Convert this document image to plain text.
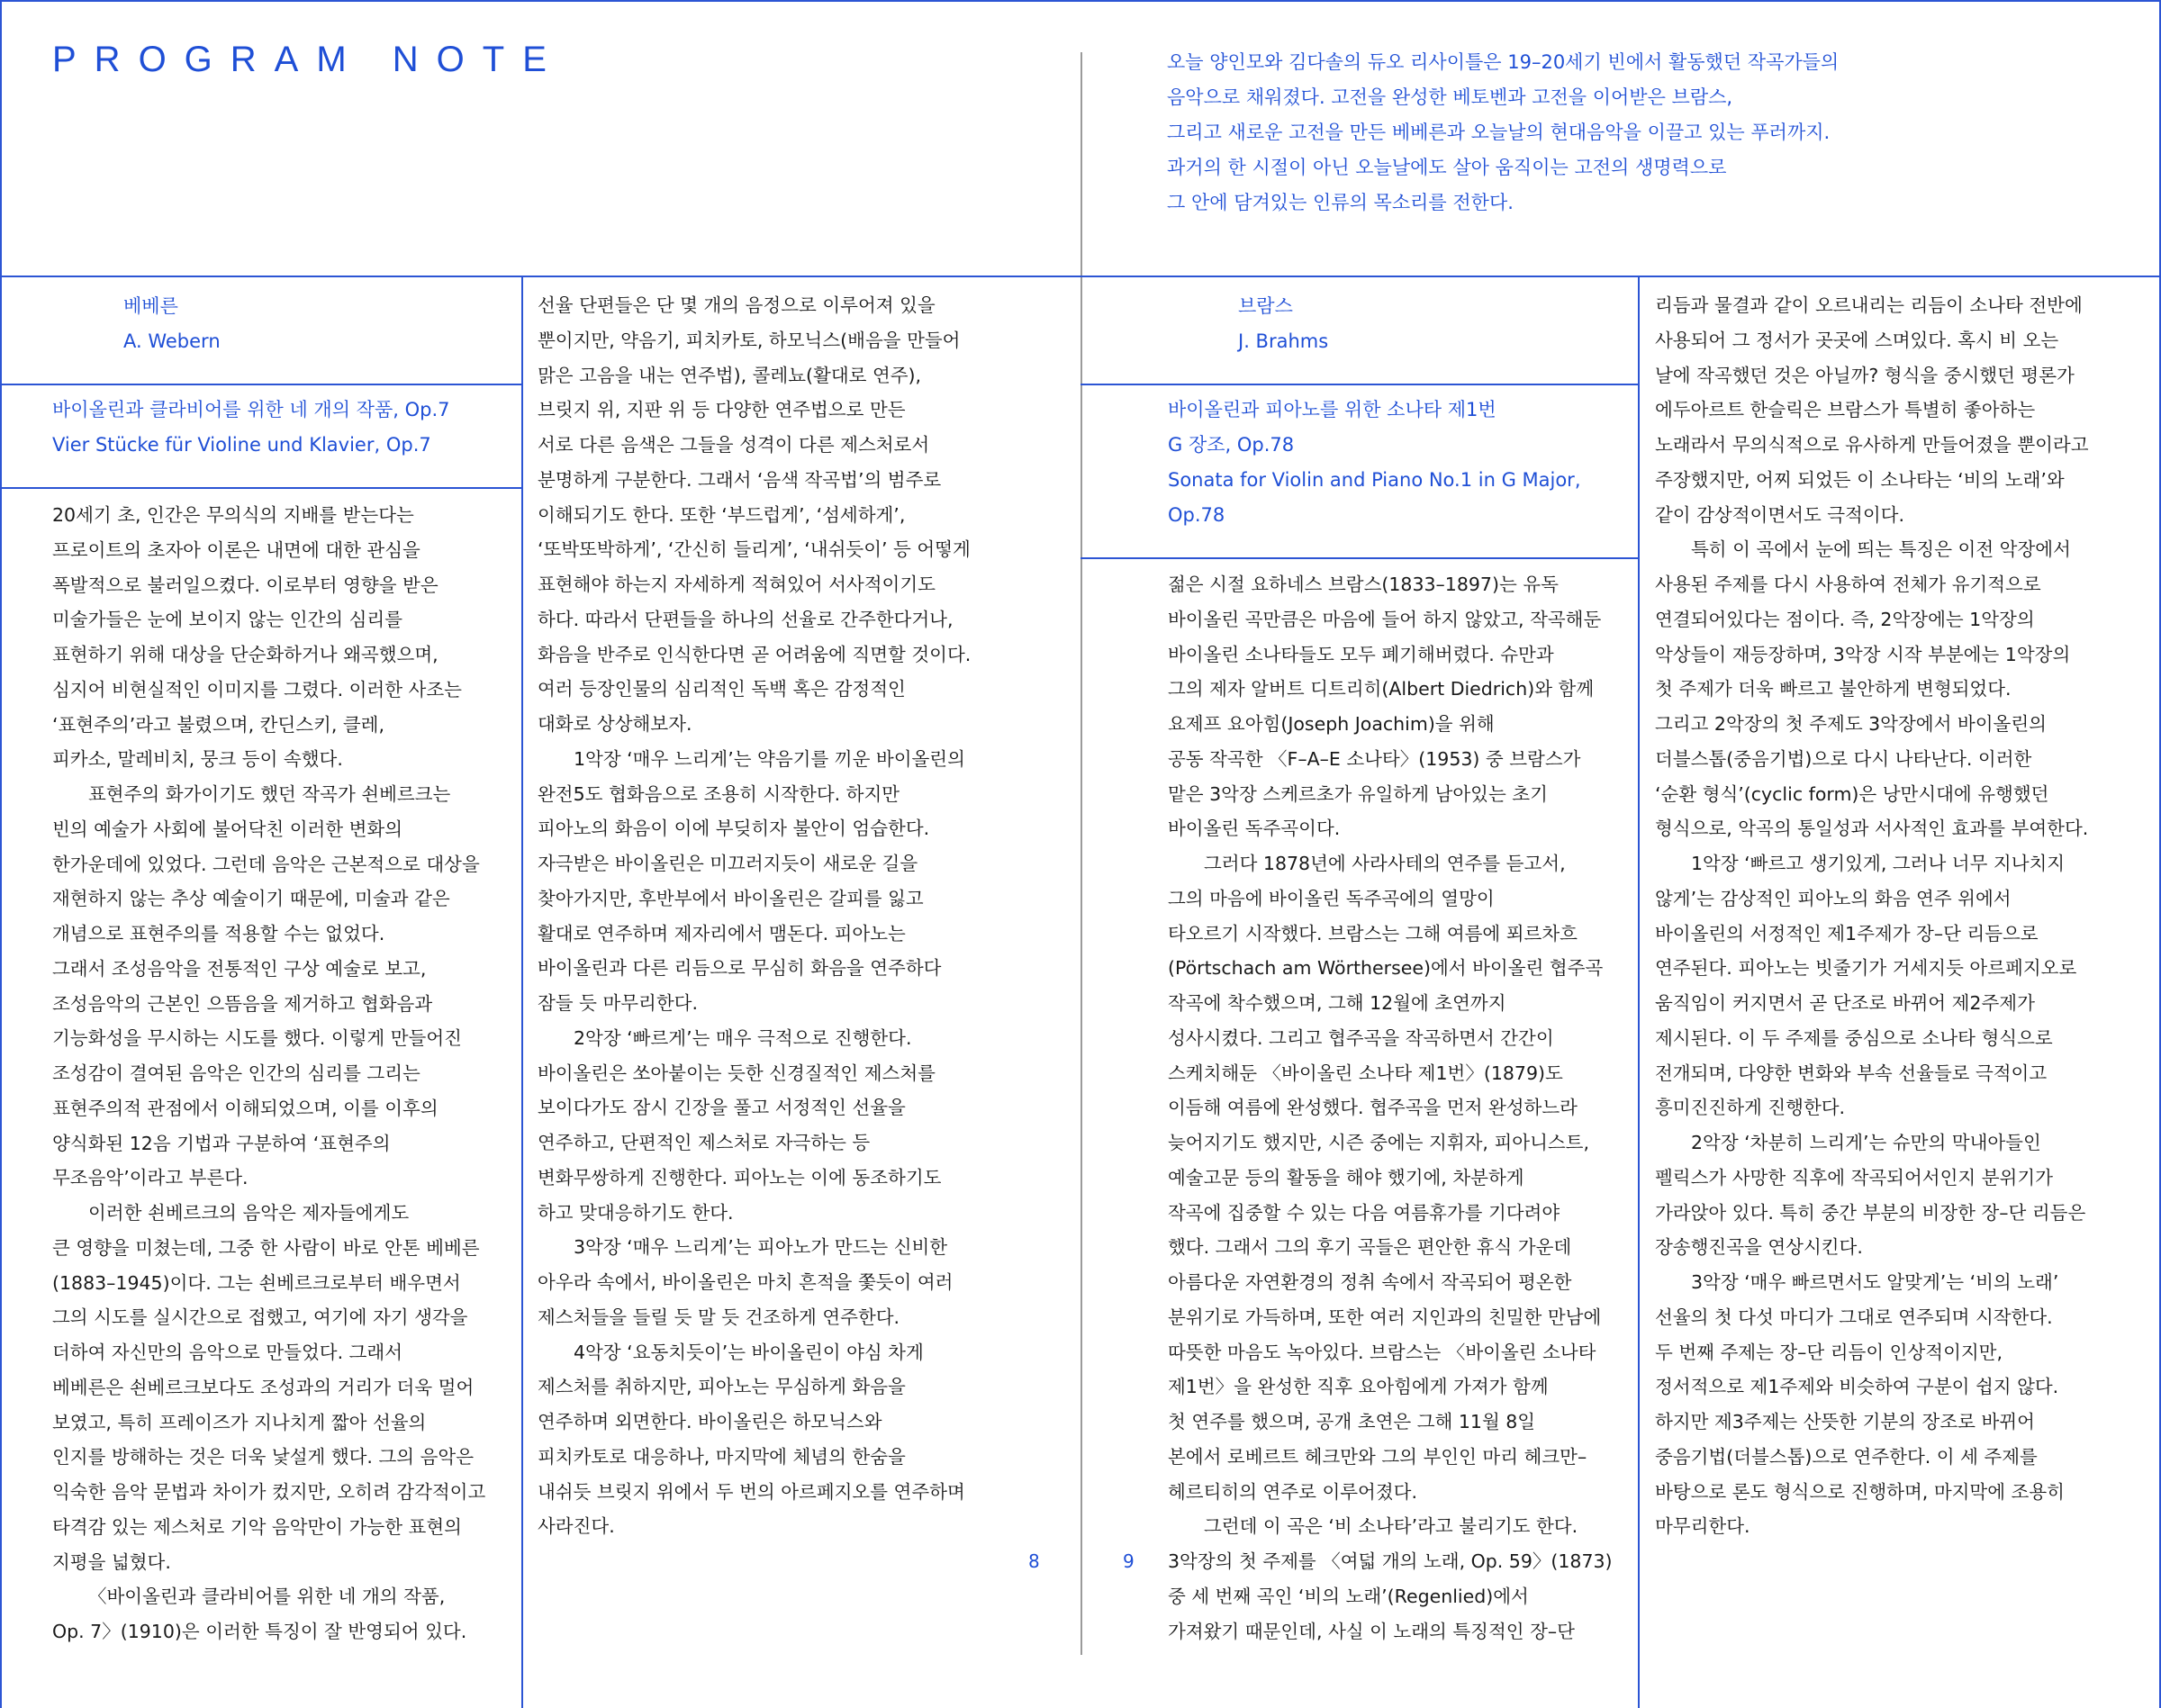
PROGRAM NOTE	오늘 양인모와 김다솔의 듀오 리사이틀은 19–20세기 빈에서 활동했던 작곡가들의
음악으로 채워졌다. 고전을 완성한 베토벤과 고전을 이어받은 브람스,
그리고 새로운 고전을 만든 베베른과 오늘날의 현대음악을 이끌고 있는 푸러까지.
과거의 한 시절이 아닌 오늘날에도 살아 움직이는 고전의 생명력으로
그 안에 담겨있는 인류의 목소리를 전한다.
베베른
A. Webern
바이올린과 클라비어를 위한 네 개의 작품, Op.7
Vier Stücke für Violine und Klavier, Op.7
브람스
J. Brahms
바이올린과 피아노를 위한 소나타 제1번
G 장조, Op.78
Sonata for Violin and Piano No.1 in G Major,
Op.78
20세기 초, 인간은 무의식의 지배를 받는다는
프로이트의 초자아 이론은 내면에 대한 관심을
폭발적으로 불러일으켰다. 이로부터 영향을 받은
미술가들은 눈에 보이지 않는 인간의 심리를
표현하기 위해 대상을 단순화하거나 왜곡했으며,
심지어 비현실적인 이미지를 그렸다. 이러한 사조는
‘표현주의’라고 불렸으며, 칸딘스키, 클레,
피카소, 말레비치, 뭉크 등이 속했다.
표현주의 화가이기도 했던 작곡가 쇤베르크는
빈의 예술가 사회에 불어닥친 이러한 변화의
한가운데에 있었다. 그런데 음악은 근본적으로 대상을
재현하지 않는 추상 예술이기 때문에, 미술과 같은
개념으로 표현주의를 적용할 수는 없었다.
그래서 조성음악을 전통적인 구상 예술로 보고,
조성음악의 근본인 으뜸음을 제거하고 협화음과
기능화성을 무시하는 시도를 했다. 이렇게 만들어진
조성감이 결여된 음악은 인간의 심리를 그리는
표현주의적 관점에서 이해되었으며, 이를 이후의
양식화된 12음 기법과 구분하여 ‘표현주의
무조음악’이라고 부른다.
이러한 쇤베르크의 음악은 제자들에게도
큰 영향을 미쳤는데, 그중 한 사람이 바로 안톤 베베른
(1883–1945)이다. 그는 쇤베르크로부터 배우면서
그의 시도를 실시간으로 접했고, 여기에 자기 생각을
더하여 자신만의 음악으로 만들었다. 그래서
베베른은 쇤베르크보다도 조성과의 거리가 더욱 멀어
보였고, 특히 프레이즈가 지나치게 짧아 선율의
인지를 방해하는 것은 더욱 낯설게 했다. 그의 음악은
익숙한 음악 문법과 차이가 컸지만, 오히려 감각적이고
타격감 있는 제스처로 기악 음악만이 가능한 표현의
지평을 넓혔다.
〈바이올린과 클라비어를 위한 네 개의 작품,
Op. 7〉(1910)은 이러한 특징이 잘 반영되어 있다.
선율 단편들은 단 몇 개의 음정으로 이루어져 있을
뿐이지만, 약음기, 피치카토, 하모닉스(배음을 만들어
맑은 고음을 내는 연주법), 콜레뇨(활대로 연주),
브릿지 위, 지판 위 등 다양한 연주법으로 만든
서로 다른 음색은 그들을 성격이 다른 제스처로서
분명하게 구분한다. 그래서 ‘음색 작곡법’의 범주로
이해되기도 한다. 또한 ‘부드럽게’, ‘섬세하게’,
‘또박또박하게’, ‘간신히 들리게’, ‘내쉬듯이’ 등 어떻게
표현해야 하는지 자세하게 적혀있어 서사적이기도
하다. 따라서 단편들을 하나의 선율로 간주한다거나,
화음을 반주로 인식한다면 곧 어려움에 직면할 것이다.
여러 등장인물의 심리적인 독백 혹은 감정적인
대화로 상상해보자.
1악장 ‘매우 느리게’는 약음기를 끼운 바이올린의
완전5도 협화음으로 조용히 시작한다. 하지만
피아노의 화음이 이에 부딪히자 불안이 엄습한다.
자극받은 바이올린은 미끄러지듯이 새로운 길을
찾아가지만, 후반부에서 바이올린은 갈피를 잃고
활대로 연주하며 제자리에서 맴돈다. 피아노는
바이올린과 다른 리듬으로 무심히 화음을 연주하다
잠들 듯 마무리한다.
2악장 ‘빠르게’는 매우 극적으로 진행한다.
바이올린은 쏘아붙이는 듯한 신경질적인 제스처를
보이다가도 잠시 긴장을 풀고 서정적인 선율을
연주하고, 단편적인 제스처로 자극하는 등
변화무쌍하게 진행한다. 피아노는 이에 동조하기도
하고 맞대응하기도 한다.
3악장 ‘매우 느리게’는 피아노가 만드는 신비한
아우라 속에서, 바이올린은 마치 흔적을 쫓듯이 여러
제스처들을 들릴 듯 말 듯 건조하게 연주한다.
4악장 ‘요동치듯이’는 바이올린이 야심 차게
제스처를 취하지만, 피아노는 무심하게 화음을
연주하며 외면한다. 바이올린은 하모닉스와
피치카토로 대응하나, 마지막에 체념의 한숨을
내쉬듯 브릿지 위에서 두 번의 아르페지오를 연주하며
사라진다.
젊은 시절 요하네스 브람스(1833–1897)는 유독
바이올린 곡만큼은 마음에 들어 하지 않았고, 작곡해둔
바이올린 소나타들도 모두 폐기해버렸다. 슈만과
그의 제자 알버트 디트리히(Albert Diedrich)와 함께
요제프 요아힘(Joseph Joachim)을 위해
공동 작곡한 〈F–A–E 소나타〉(1953) 중 브람스가
맡은 3악장 스케르초가 유일하게 남아있는 초기
바이올린 독주곡이다.
그러다 1878년에 사라사테의 연주를 듣고서,
그의 마음에 바이올린 독주곡에의 열망이
타오르기 시작했다. 브람스는 그해 여름에 푀르차흐
(Pörtschach am Wörthersee)에서 바이올린 협주곡
작곡에 착수했으며, 그해 12월에 초연까지
성사시켰다. 그리고 협주곡을 작곡하면서 간간이
스케치해둔 〈바이올린 소나타 제1번〉(1879)도
이듬해 여름에 완성했다. 협주곡을 먼저 완성하느라
늦어지기도 했지만, 시즌 중에는 지휘자, 피아니스트,
예술고문 등의 활동을 해야 했기에, 차분하게
작곡에 집중할 수 있는 다음 여름휴가를 기다려야
했다. 그래서 그의 후기 곡들은 편안한 휴식 가운데
아름다운 자연환경의 정취 속에서 작곡되어 평온한
분위기로 가득하며, 또한 여러 지인과의 친밀한 만남에
따뜻한 마음도 녹아있다. 브람스는 〈바이올린 소나타
제1번〉을 완성한 직후 요아힘에게 가져가 함께
첫 연주를 했으며, 공개 초연은 그해 11월 8일
본에서 로베르트 헤크만와 그의 부인인 마리 헤크만–
헤르티히의 연주로 이루어졌다.
그런데 이 곡은 ‘비 소나타’라고 불리기도 한다.
3악장의 첫 주제를 〈여덟 개의 노래, Op. 59〉(1873)
중 세 번째 곡인 ‘비의 노래’(Regenlied)에서
가져왔기 때문인데, 사실 이 노래의 특징적인 장–단
리듬과 물결과 같이 오르내리는 리듬이 소나타 전반에
사용되어 그 정서가 곳곳에 스며있다. 혹시 비 오는
날에 작곡했던 것은 아닐까? 형식을 중시했던 평론가
에두아르트 한슬릭은 브람스가 특별히 좋아하는
노래라서 무의식적으로 유사하게 만들어졌을 뿐이라고
주장했지만, 어찌 되었든 이 소나타는 ‘비의 노래’와
같이 감상적이면서도 극적이다.
특히 이 곡에서 눈에 띄는 특징은 이전 악장에서
사용된 주제를 다시 사용하여 전체가 유기적으로
연결되어있다는 점이다. 즉, 2악장에는 1악장의
악상들이 재등장하며, 3악장 시작 부분에는 1악장의
첫 주제가 더욱 빠르고 불안하게 변형되었다.
그리고 2악장의 첫 주제도 3악장에서 바이올린의
더블스톱(중음기법)으로 다시 나타난다. 이러한
‘순환 형식’(cyclic form)은 낭만시대에 유행했던
형식으로, 악곡의 통일성과 서사적인 효과를 부여한다.
1악장 ‘빠르고 생기있게, 그러나 너무 지나치지
않게’는 감상적인 피아노의 화음 연주 위에서
바이올린의 서정적인 제1주제가 장–단 리듬으로
연주된다. 피아노는 빗줄기가 거세지듯 아르페지오로
움직임이 커지면서 곧 단조로 바뀌어 제2주제가
제시된다. 이 두 주제를 중심으로 소나타 형식으로
전개되며, 다양한 변화와 부속 선율들로 극적이고
흥미진진하게 진행한다.
2악장 ‘차분히 느리게’는 슈만의 막내아들인
펠릭스가 사망한 직후에 작곡되어서인지 분위기가
가라앉아 있다. 특히 중간 부분의 비장한 장–단 리듬은
장송행진곡을 연상시킨다.
3악장 ‘매우 빠르면서도 알맞게’는 ‘비의 노래’
선율의 첫 다섯 마디가 그대로 연주되며 시작한다.
두 번째 주제는 장–단 리듬이 인상적이지만,
정서적으로 제1주제와 비슷하여 구분이 쉽지 않다.
하지만 제3주제는 산뜻한 기분의 장조로 바뀌어
중음기법(더블스톱)으로 연주한다. 이 세 주제를
바탕으로 론도 형식으로 진행하며, 마지막에 조용히
마무리한다.
8	9
